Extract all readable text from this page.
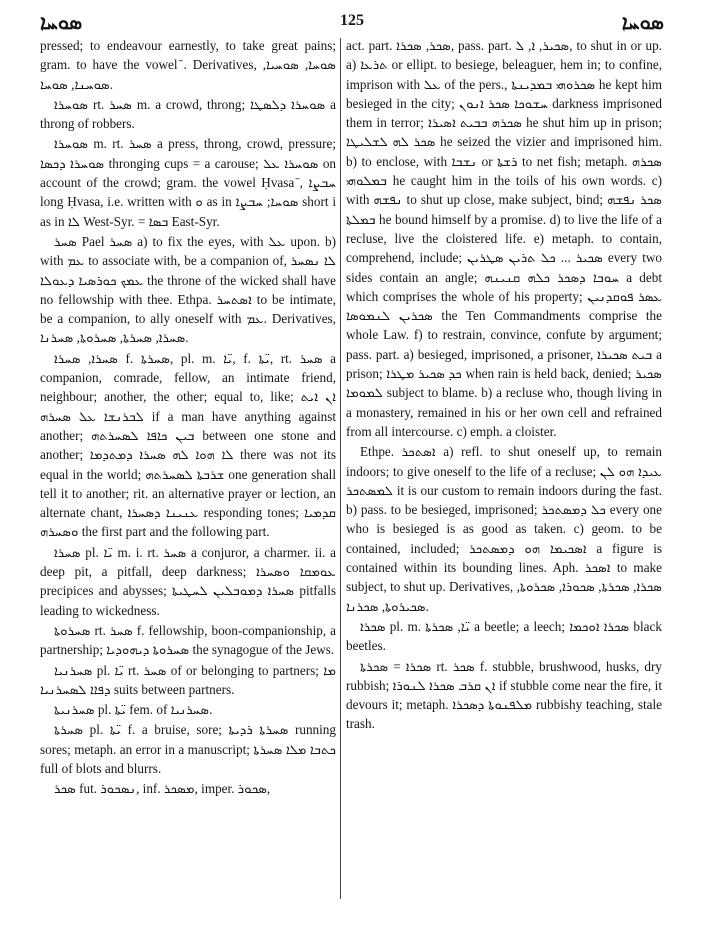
ܣܘܚܐ	125	ܣܘܚܐ

pressed; to endeavour earnestly, to take great pains; gram. to have the vowel ̄. Derivatives, ܣܘܚܐ, ܣܘܚܝܐ, ܣܘܚܢܐ, ܣܘܚܐ.

ܣܘܚܪܐ rt. ܣܚܪ m. a crowd, throng; ܣܘܚܪܐ ܕܠܣܛܐ a throng of robbers.

ܣܘܚܪܐ m. rt. ܣܚܪ a press, throng, crowd, pressure; ܣܘܚܪܐ ܕܟܣܐ thronging cups = a carouse; ܣܘܚܪܐ ܥܠ on account of the crowd; gram. the vowel Ḥvasa ̄, ܚܒܨܐ long Ḥvasa, i.e. written with ܘ as in ܣܘܚܐ; ܚܒܨܐ short i as in ܠܐ West-Syr. = ܒܣܐ East-Syr.

ܣܚܪ Pael ܣܚܪ a) to fix the eyes, with ܥܠ upon. b) with ܥܡ to associate with, be a companion of, ܠܐ ܢܣܚܪ ܥܡܟ ܟܘܪܣܝܐ ܕܥܘܠܐ the throne of the wicked shall have no fellowship with thee. Ethpa. ܐܣܬܚܪ to be intimate, be a companion, to ally oneself with ܥܡ. Derivatives, ܣܚܪܐ, ܣܚܪܬܐ, ܣܚܪܘܬܐ, ܣܚܪܢܐ.

ܣܚܪܐ, ܣܚܪܐ f. ܣܚܪܬܐ, pl. m. ܝ̈ܐ, f. ܝ̈ܬܐ, rt. ܣܚܪ a companion, comrade, fellow, an intimate friend, neighbour; another, the other; equal to, like; ܐܢ ܐܝܬ ܠܒܪܢܫܐ ܥܠ ܣܚܪܗ if a man have anything against another; ܒܝܢ ܟܐܦܐ ܠܣܚܪܬܗ between one stone and another; ܠܐ ܗܘܐ ܠܗ ܣܚܪܐ ܕܡܬܕܡܐ there was not its equal in the world; ܫܪܒܬܐ ܠܣܚܪܬܗ one generation shall tell it to another; rit. an alternative prayer or lection, an alternate chant, ܥܢܝܢܐ ܕܣܚܪܐ responding tones; ܩܕܡܝܐ ܘܣܚܪܗ the first part and the following part.

ܣܚܪܐ pl. ܝ̈ܐ m. i. rt. ܣܚܪ a conjuror, a charmer. ii. a deep pit, a pitfall, deep darkness; ܥܘܡܩܐ ܘܣܚܪܐ precipices and abysses; ܣܚܪܐ ܕܡܘܒܠܝܢ ܠܚܛܝܬܐ pitfalls leading to wickedness.

ܣܚܪܘܬܐ rt. ܣܚܪ f. fellowship, boon-companionship, a partnership; ܣܚܪܘܬܐ ܕܝܗܘܕܝܐ the synagogue of the Jews.

ܣܚܪܢܝܐ pl. ܝ̈ܐ rt. ܣܚܪ of or belonging to partners; ܡܐ ܕܦܐܐ ܠܣܚܪܢܝܐ suits between partners.

ܣܚܪܢܝܬܐ pl. ܝ̈ܬܐ fem. of ܣܚܪܢܝܐ.

ܣܚܪܬܐ pl. ܝ̈ܬܐ f. a bruise, sore; ܣܚܪܬܐ ܪܕܝܬܐ running sores; metaph. an error in a manuscript; ܟܬܒܐ ܡܠܐ ܣܚܪܬܐ full of blots and blurrs.

ܣܟܪ fut. ܢܣܟܘܪ, inf. ܡܣܟܪ, imper. ܣܟܘܪ,

act. part. ܣܟܪ, ܣܟܪܐ, pass. part. ܣܟܝܪ, ܐ, ܠ, to shut in or up. a) ܬܪܥܐ or ellipt. to besiege, beleaguer, hem in; to confine, imprison with ܥܠ of the pers., ܣܟܪܘܗܝ ܒܡܕܝܢܬܐ he kept him besieged in the city; ܚܫܘܟܐ ܣܟܪ ܐܢܘܢ darkness imprisoned them in terror; ܣܟܪܗ ܒܒܝܬ ܐܣܝܪܐ he shut him up in prison; ܣܟܪ ܠܗ ܠܫܠܝܛܐ he seized the vizier and imprisoned him. b) to enclose, with ܢܫܒܐ or ܪܫܬܐ to net fish; metaph. ܣܟܪܗ ܒܡܠܘܗܝ he caught him in the toils of his own words. c) with ܢܦܫܗ to shut up close, make subject, bind; ܣܟܪ ܢܦܫܗ ܒܡܠܬܐ he bound himself by a promise. d) to live the life of a recluse, live the cloistered life. e) metaph. to contain, comprehend, include; ܣܟܝܪ ... ܟܠ ܬܪܝܢ ܣܛܪܝܢ every two sides contain an angle; ܚܘܒܐ ܕܣܟܪ ܟܠܗ ܩܢܝܢܗ a debt which comprises the whole of his property; ܥܣܪ ܦܘܩܕܢܝܢ ܣܟܪܝܢ ܠܢܡܘܣܐ the Ten Commandments comprise the whole Law. f) to restrain, convince, confute by argument; pass. part. a) besieged, imprisoned, a prisoner, ܒܝܬ ܣܟܝܪܐ a prison; ܟܕ ܣܟܝܪ ܡܛܪܐ when rain is held back, denied; ܣܟܝܪ ܠܡܘܡܐ subject to blame. b) a recluse who, though living in a monastery, remained in his or her own cell and refrained from all intercourse. c) emph. a cloister.

Ethpe. ܐܣܬܟܪ a) refl. to shut oneself up, to remain indoors; to give oneself to the life of a recluse; ܥܝܕܐ ܗܘ ܠܢ ܠܡܣܬܟܪ it is our custom to remain indoors during the fast. b) pass. to be besieged, imprisoned; ܟܠ ܕܡܣܬܟܪ every one who is besieged is as good as taken. c) geom. to be contained, included; ܐܣܟܝܡܐ ܗܘ ܕܡܣܬܟܪ a figure is contained within its bounding lines. Aph. ܐܣܟܪ to make subject, to shut up. Derivatives, ܣܟܪܐ, ܣܟܪܬܐ, ܣܟܘܪܐ, ܣܟܪܘܬܐ, ܣܟܝܪܘܬܐ, ܣܟܪܢܐ.

ܣܟܪܐ pl. m. ܝ̈ܐ, ܣܟܪܬܐ a beetle; a leech; ܣܟܪܐ ܐܘܟܡܐ black beetles.

ܣܟܪܐ = ܣܟܪܬܐ rt. ܣܟܪ f. stubble, brushwood, husks, dry rubbish; ܐܢ ܩܪܒ ܣܟܪܐ ܠܢܘܪܐ if stubble come near the fire, it devours it; metaph. ܡܠܦܢܘܬܐ ܕܣܟܪܐ rubbishy teaching, stale trash.
